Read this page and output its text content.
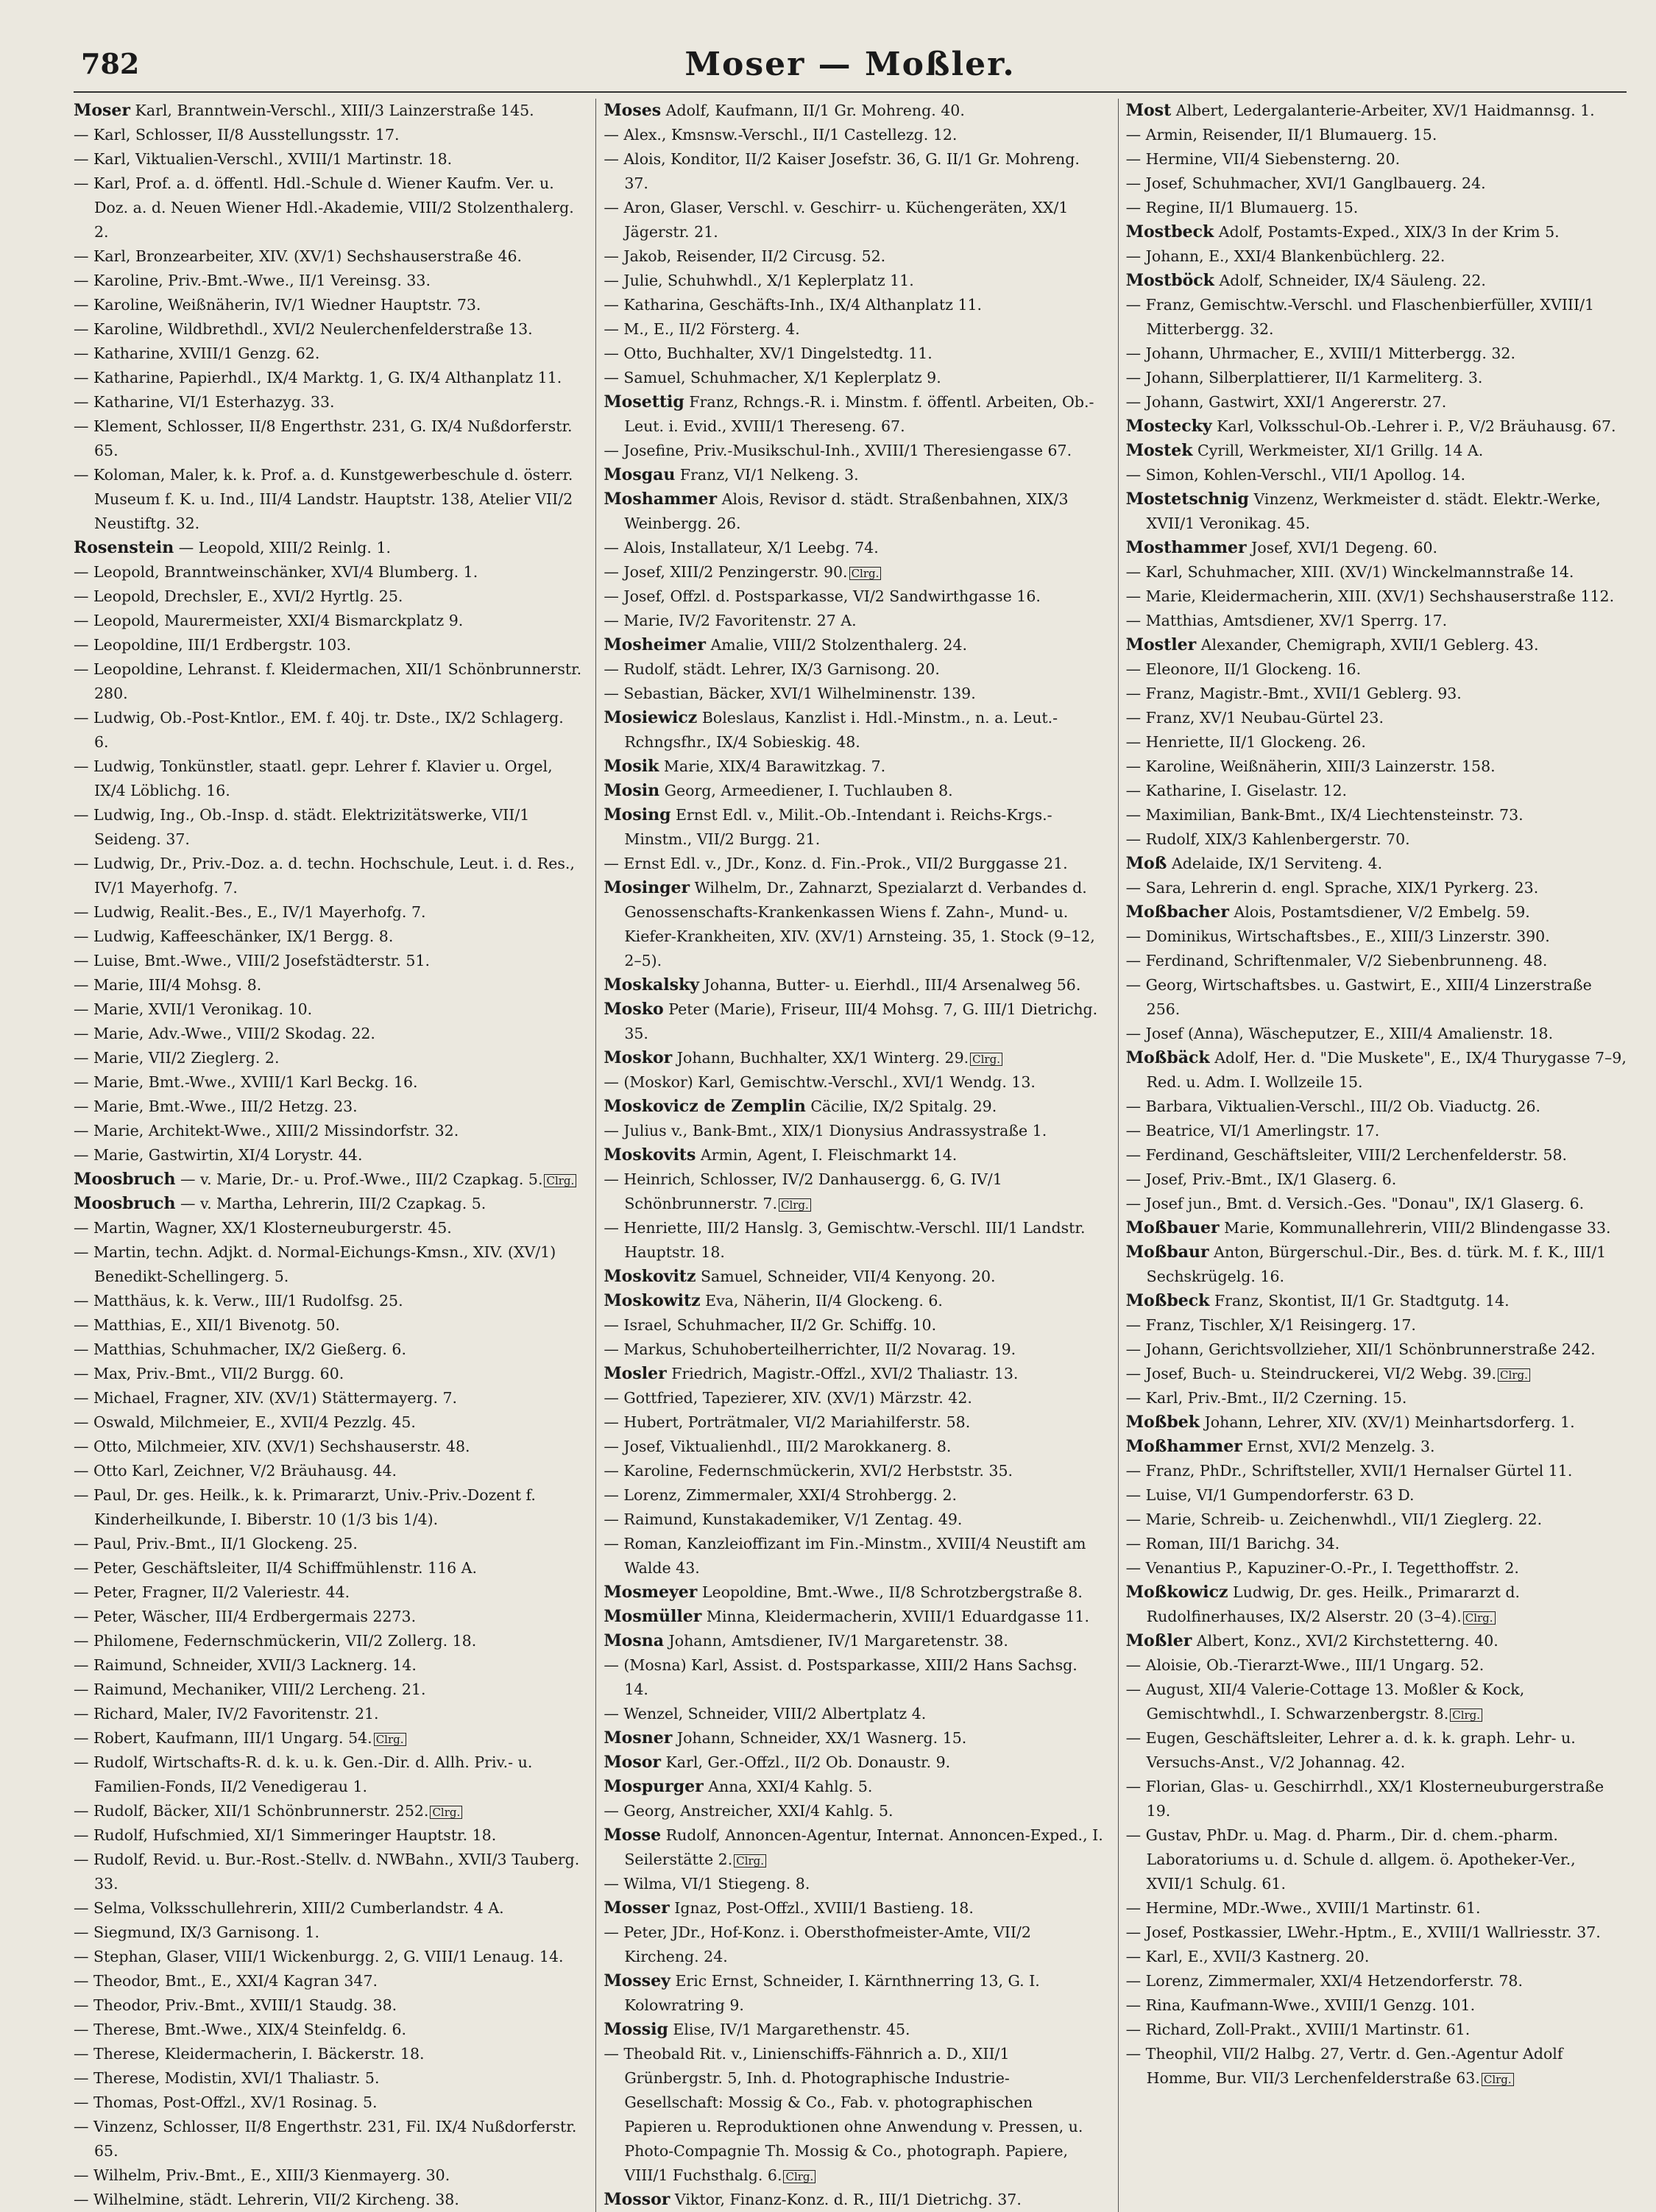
782	Moser — Moßler.
Moser Karl, Branntwein-Verschl., XIII/3 Lainzerstraße 145.
— Karl, Schlosser, II/8 Ausstellungsstr. 17.
— Karl, Viktualien-Verschl., XVIII/1 Martinstr. 18.
— Karl, Prof. a. d. öffentl. Hdl.-Schule d. Wiener Kaufm. Ver. u. Doz. a. d. Neuen Wiener Hdl.-Akademie, VIII/2 Stolzenthalerg. 2.
— Karl, Bronzearbeiter, XIV. (XV/1) Sechshauserstraße 46.
— Karoline, Priv.-Bmt.-Wwe., II/1 Vereinsg. 33.
— Karoline, Weißnäherin, IV/1 Wiedner Hauptstr. 73.
— Karoline, Wildbrethdl., XVI/2 Neulerchenfelderstraße 13.
— Katharine, XVIII/1 Genzg. 62.
— Katharine, Papierhdl., IX/4 Marktg. 1, G. IX/4 Althanplatz 11.
— Katharine, VI/1 Esterhazyg. 33.
— Klement, Schlosser, II/8 Engerthstr. 231, G. IX/4 Nußdorferstr. 65.
— Koloman, Maler, k. k. Prof. a. d. Kunstgewerbeschule d. österr. Museum f. K. u. Ind., III/4 Landstr. Hauptstr. 138, Atelier VII/2 Neustiftg. 32.
Rosenstein — Leopold, XIII/2 Reinlg. 1.
— Leopold, Branntweinschänker, XVI/4 Blumberg. 1.
— Leopold, Drechsler, E., XVI/2 Hyrtlg. 25.
— Leopold, Maurermeister, XXI/4 Bismarckplatz 9.
— Leopoldine, III/1 Erdbergstr. 103.
— Leopoldine, Lehranst. f. Kleidermachen, XII/1 Schönbrunnerstr. 280.
— Ludwig, Ob.-Post-Kntlor., EM. f. 40j. tr. Dste., IX/2 Schlagerg. 6.
— Ludwig, Tonkünstler, staatl. gepr. Lehrer f. Klavier u. Orgel, IX/4 Löblichg. 16.
— Ludwig, Ing., Ob.-Insp. d. städt. Elektrizitätswerke, VII/1 Seideng. 37.
— Ludwig, Dr., Priv.-Doz. a. d. techn. Hochschule, Leut. i. d. Res., IV/1 Mayerhofg. 7.
— Ludwig, Realit.-Bes., E., IV/1 Mayerhofg. 7.
— Ludwig, Kaffeeschänker, IX/1 Bergg. 8.
— Luise, Bmt.-Wwe., VIII/2 Josefstädterstr. 51.
— Marie, III/4 Mohsg. 8.
— Marie, XVII/1 Veronikag. 10.
— Marie, Adv.-Wwe., VIII/2 Skodag. 22.
— Marie, VII/2 Zieglerg. 2.
— Marie, Bmt.-Wwe., XVIII/1 Karl Beckg. 16.
— Marie, Bmt.-Wwe., III/2 Hetzg. 23.
— Marie, Architekt-Wwe., XIII/2 Missindorfstr. 32.
— Marie, Gastwirtin, XI/4 Lorystr. 44.
Moosbruch — v. Marie, Dr.- u. Prof.-Wwe., III/2 Czapkag. 5. Clrg.
Moosbruch — v. Martha, Lehrerin, III/2 Czapkag. 5.
— Martin, Wagner, XX/1 Klosterneuburgerstr. 45.
— Martin, techn. Adjkt. d. Normal-Eichungs-Kmsn., XIV. (XV/1) Benedikt-Schellingerg. 5.
— Matthäus, k. k. Verw., III/1 Rudolfsg. 25.
— Matthias, E., XII/1 Bivenotg. 50.
— Matthias, Schuhmacher, IX/2 Gießerg. 6.
— Max, Priv.-Bmt., VII/2 Burgg. 60.
— Michael, Fragner, XIV. (XV/1) Stättermayerg. 7.
— Oswald, Milchmeier, E., XVII/4 Pezzlg. 45.
— Otto, Milchmeier, XIV. (XV/1) Sechshauserstr. 48.
— Otto Karl, Zeichner, V/2 Bräuhausg. 44.
— Paul, Dr. ges. Heilk., k. k. Primararzt, Univ.-Priv.-Dozent f. Kinderheilkunde, I. Biberstr. 10 (1/3 bis 1/4).
— Paul, Priv.-Bmt., II/1 Glockeng. 25.
— Peter, Geschäftsleiter, II/4 Schiffmühlenstr. 116 A.
— Peter, Fragner, II/2 Valeriestr. 44.
— Peter, Wäscher, III/4 Erdbergermais 2273.
— Philomene, Federnschmückerin, VII/2 Zollerg. 18.
— Raimund, Schneider, XVII/3 Lacknerg. 14.
— Raimund, Mechaniker, VIII/2 Lercheng. 21.
— Richard, Maler, IV/2 Favoritenstr. 21.
— Robert, Kaufmann, III/1 Ungarg. 54. Clrg.
— Rudolf, Wirtschafts-R. d. k. u. k. Gen.-Dir. d. Allh. Priv.- u. Familien-Fonds, II/2 Venedigerau 1.
— Rudolf, Bäcker, XII/1 Schönbrunnerstr. 252. Clrg.
— Rudolf, Hufschmied, XI/1 Simmeringer Hauptstr. 18.
— Rudolf, Revid. u. Bur.-Rost.-Stellv. d. NWBahn., XVII/3 Tauberg. 33.
— Selma, Volksschullehrerin, XIII/2 Cumberlandstr. 4 A.
— Siegmund, IX/3 Garnisong. 1.
— Stephan, Glaser, VIII/1 Wickenburgg. 2, G. VIII/1 Lenaug. 14.
— Theodor, Bmt., E., XXI/4 Kagran 347.
— Theodor, Priv.-Bmt., XVIII/1 Staudg. 38.
— Therese, Bmt.-Wwe., XIX/4 Steinfeldg. 6.
— Therese, Kleidermacherin, I. Bäckerstr. 18.
— Therese, Modistin, XVI/1 Thaliastr. 5.
— Thomas, Post-Offzl., XV/1 Rosinag. 5.
— Vinzenz, Schlosser, II/8 Engerthstr. 231, Fil. IX/4 Nußdorferstr. 65.
— Wilhelm, Priv.-Bmt., E., XIII/3 Kienmayerg. 30.
— Wilhelmine, städt. Lehrerin, VII/2 Kircheng. 38.
Moses Adolf, Kaufmann, II/1 Gr. Mohreng. 40.
— Alex., Kmsnsw.-Verschl., II/1 Castellezg. 12.
— Alois, Konditor, II/2 Kaiser Josefstr. 36, G. II/1 Gr. Mohreng. 37.
— Aron, Glaser, Verschl. v. Geschirr- u. Küchengeräten, XX/1 Jägerstr. 21.
— Jakob, Reisender, II/2 Circusg. 52.
— Julie, Schuhwhdl., X/1 Keplerplatz 11.
— Katharina, Geschäfts-Inh., IX/4 Althanplatz 11.
— M., E., II/2 Försterg. 4.
— Otto, Buchhalter, XV/1 Dingelstedtg. 11.
— Samuel, Schuhmacher, X/1 Keplerplatz 9.
Mosettig Franz, Rchngs.-R. i. Minstm. f. öffentl. Arbeiten, Ob.-Leut. i. Evid., XVIII/1 Thereseng. 67.
— Josefine, Priv.-Musikschul-Inh., XVIII/1 Theresiengasse 67.
Mosgau Franz, VI/1 Nelkeng. 3.
Moshammer Alois, Revisor d. städt. Straßenbahnen, XIX/3 Weinbergg. 26.
— Alois, Installateur, X/1 Leebg. 74.
— Josef, XIII/2 Penzingerstr. 90. Clrg.
— Josef, Offzl. d. Postsparkasse, VI/2 Sandwirthgasse 16.
— Marie, IV/2 Favoritenstr. 27 A.
Mosheimer Amalie, VIII/2 Stolzenthalerg. 24.
— Rudolf, städt. Lehrer, IX/3 Garnisong. 20.
— Sebastian, Bäcker, XVI/1 Wilhelminenstr. 139.
Mosiewicz Boleslaus, Kanzlist i. Hdl.-Minstm., n. a. Leut.-Rchngsfhr., IX/4 Sobieskig. 48.
Mosik Marie, XIX/4 Barawitzkag. 7.
Mosin Georg, Armeediener, I. Tuchlauben 8.
Mosing Ernst Edl. v., Milit.-Ob.-Intendant i. Reichs-Krgs.-Minstm., VII/2 Burgg. 21.
— Ernst Edl. v., JDr., Konz. d. Fin.-Prok., VII/2 Burggasse 21.
Mosinger Wilhelm, Dr., Zahnarzt, Spezialarzt d. Verbandes d. Genossenschafts-Krankenkassen Wiens f. Zahn-, Mund- u. Kiefer-Krankheiten, XIV. (XV/1) Arnsteing. 35, 1. Stock (9–12, 2–5).
Moskalsky Johanna, Butter- u. Eierhdl., III/4 Arsenalweg 56.
Mosko Peter (Marie), Friseur, III/4 Mohsg. 7, G. III/1 Dietrichg. 35.
Moskor Johann, Buchhalter, XX/1 Winterg. 29. Clrg.
— (Moskor) Karl, Gemischtw.-Verschl., XVI/1 Wendg. 13.
Moskovicz de Zemplin Cäcilie, IX/2 Spitalg. 29.
— Julius v., Bank-Bmt., XIX/1 Dionysius Andrassystraße 1.
Moskovits Armin, Agent, I. Fleischmarkt 14.
— Heinrich, Schlosser, IV/2 Danhausergg. 6, G. IV/1 Schönbrunnerstr. 7. Clrg.
— Henriette, III/2 Hanslg. 3, Gemischtw.-Verschl. III/1 Landstr. Hauptstr. 18.
Moskovitz Samuel, Schneider, VII/4 Kenyong. 20.
Moskowitz Eva, Näherin, II/4 Glockeng. 6.
— Israel, Schuhmacher, II/2 Gr. Schiffg. 10.
— Markus, Schuhoberteilherrichter, II/2 Novarag. 19.
Mosler Friedrich, Magistr.-Offzl., XVI/2 Thaliastr. 13.
— Gottfried, Tapezierer, XIV. (XV/1) Märzstr. 42.
— Hubert, Porträtmaler, VI/2 Mariahilferstr. 58.
— Josef, Viktualienhdl., III/2 Marokkanerg. 8.
— Karoline, Federnschmückerin, XVI/2 Herbststr. 35.
— Lorenz, Zimmermaler, XXI/4 Strohbergg. 2.
— Raimund, Kunstakademiker, V/1 Zentag. 49.
— Roman, Kanzleioffizant im Fin.-Minstm., XVIII/4 Neustift am Walde 43.
Mosmeyer Leopoldine, Bmt.-Wwe., II/8 Schrotzbergstraße 8.
Mosmüller Minna, Kleidermacherin, XVIII/1 Eduardgasse 11.
Mosna Johann, Amtsdiener, IV/1 Margaretenstr. 38.
— (Mosna) Karl, Assist. d. Postsparkasse, XIII/2 Hans Sachsg. 14.
— Wenzel, Schneider, VIII/2 Albertplatz 4.
Mosner Johann, Schneider, XX/1 Wasnerg. 15.
Mosor Karl, Ger.-Offzl., II/2 Ob. Donaustr. 9.
Mospurger Anna, XXI/4 Kahlg. 5.
— Georg, Anstreicher, XXI/4 Kahlg. 5.
Mosse Rudolf, Annoncen-Agentur, Internat. Annoncen-Exped., I. Seilerstätte 2. Clrg.
— Wilma, VI/1 Stiegeng. 8.
Mosser Ignaz, Post-Offzl., XVIII/1 Bastieng. 18.
— Peter, JDr., Hof-Konz. i. Obersthofmeister-Amte, VII/2 Kircheng. 24.
Mossey Eric Ernst, Schneider, I. Kärnthnerring 13, G. I. Kolowratring 9.
Mossig Elise, IV/1 Margarethenstr. 45.
— Theobald Rit. v., Linienschiffs-Fähnrich a. D., XII/1 Grünbergstr. 5, Inh. d. Photographische Industrie-Gesellschaft: Mossig & Co., Fab. v. photographischen Papieren u. Reproduktionen ohne Anwendung v. Pressen, u. Photo-Compagnie Th. Mossig & Co., photograph. Papiere, VIII/1 Fuchsthalg. 6. Clrg.
Mossor Viktor, Finanz-Konz. d. R., III/1 Dietrichg. 37.
Most Albert, Ledergalanterie-Arbeiter, XV/1 Haidmannsg. 1.
— Armin, Reisender, II/1 Blumauerg. 15.
— Hermine, VII/4 Siebensterng. 20.
— Josef, Schuhmacher, XVI/1 Ganglbauerg. 24.
— Regine, II/1 Blumauerg. 15.
Mostbeck Adolf, Postamts-Exped., XIX/3 In der Krim 5.
— Johann, E., XXI/4 Blankenbüchlerg. 22.
Mostböck Adolf, Schneider, IX/4 Säuleng. 22.
— Franz, Gemischtw.-Verschl. und Flaschenbierfüller, XVIII/1 Mitterbergg. 32.
— Johann, Uhrmacher, E., XVIII/1 Mitterbergg. 32.
— Johann, Silberplattierer, II/1 Karmeliterg. 3.
— Johann, Gastwirt, XXI/1 Angererstr. 27.
Mostecky Karl, Volksschul-Ob.-Lehrer i. P., V/2 Bräuhausg. 67.
Mostek Cyrill, Werkmeister, XI/1 Grillg. 14 A.
— Simon, Kohlen-Verschl., VII/1 Apollog. 14.
Mostetschnig Vinzenz, Werkmeister d. städt. Elektr.-Werke, XVII/1 Veronikag. 45.
Mosthammer Josef, XVI/1 Degeng. 60.
— Karl, Schuhmacher, XIII. (XV/1) Winckelmannstraße 14.
— Marie, Kleidermacherin, XIII. (XV/1) Sechshauserstraße 112.
— Matthias, Amtsdiener, XV/1 Sperrg. 17.
Mostler Alexander, Chemigraph, XVII/1 Geblerg. 43.
— Eleonore, II/1 Glockeng. 16.
— Franz, Magistr.-Bmt., XVII/1 Geblerg. 93.
— Franz, XV/1 Neubau-Gürtel 23.
— Henriette, II/1 Glockeng. 26.
— Karoline, Weißnäherin, XIII/3 Lainzerstr. 158.
— Katharine, I. Giselastr. 12.
— Maximilian, Bank-Bmt., IX/4 Liechtensteinstr. 73.
— Rudolf, XIX/3 Kahlenbergerstr. 70.
Moß Adelaide, IX/1 Serviteng. 4.
— Sara, Lehrerin d. engl. Sprache, XIX/1 Pyrkerg. 23.
Moßbacher Alois, Postamtsdiener, V/2 Embelg. 59.
— Dominikus, Wirtschaftsbes., E., XIII/3 Linzerstr. 390.
— Ferdinand, Schriftenmaler, V/2 Siebenbrunneng. 48.
— Georg, Wirtschaftsbes. u. Gastwirt, E., XIII/4 Linzerstraße 256.
— Josef (Anna), Wäscheputzer, E., XIII/4 Amalienstr. 18.
Moßbäck Adolf, Her. d. "Die Muskete", E., IX/4 Thurygasse 7–9, Red. u. Adm. I. Wollzeile 15.
— Barbara, Viktualien-Verschl., III/2 Ob. Viaductg. 26.
— Beatrice, VI/1 Amerlingstr. 17.
— Ferdinand, Geschäftsleiter, VIII/2 Lerchenfelderstr. 58.
— Josef, Priv.-Bmt., IX/1 Glaserg. 6.
— Josef jun., Bmt. d. Versich.-Ges. "Donau", IX/1 Glaserg. 6.
Moßbauer Marie, Kommunallehrerin, VIII/2 Blindengasse 33.
Moßbaur Anton, Bürgerschul.-Dir., Bes. d. türk. M. f. K., III/1 Sechskrügelg. 16.
Moßbeck Franz, Skontist, II/1 Gr. Stadtgutg. 14.
— Franz, Tischler, X/1 Reisingerg. 17.
— Johann, Gerichtsvollzieher, XII/1 Schönbrunnerstraße 242.
— Josef, Buch- u. Steindruckerei, VI/2 Webg. 39. Clrg.
— Karl, Priv.-Bmt., II/2 Czerning. 15.
Moßbek Johann, Lehrer, XIV. (XV/1) Meinhartsdorferg. 1.
Moßhammer Ernst, XVI/2 Menzelg. 3.
— Franz, PhDr., Schriftsteller, XVII/1 Hernalser Gürtel 11.
— Luise, VI/1 Gumpendorferstr. 63 D.
— Marie, Schreib- u. Zeichenwhdl., VII/1 Zieglerg. 22.
— Roman, III/1 Barichg. 34.
— Venantius P., Kapuziner-O.-Pr., I. Tegetthoffstr. 2.
Moßkowicz Ludwig, Dr. ges. Heilk., Primararzt d. Rudolfinerhauses, IX/2 Alserstr. 20 (3–4). Clrg.
Moßler Albert, Konz., XVI/2 Kirchstetterng. 40.
— Aloisie, Ob.-Tierarzt-Wwe., III/1 Ungarg. 52.
— August, XII/4 Valerie-Cottage 13. Moßler & Kock, Gemischtwhdl., I. Schwarzenbergstr. 8. Clrg.
— Eugen, Geschäftsleiter, Lehrer a. d. k. k. graph. Lehr- u. Versuchs-Anst., V/2 Johannag. 42.
— Florian, Glas- u. Geschirrhdl., XX/1 Klosterneuburgerstraße 19.
— Gustav, PhDr. u. Mag. d. Pharm., Dir. d. chem.-pharm. Laboratoriums u. d. Schule d. allgem. ö. Apotheker-Ver., XVII/1 Schulg. 61.
— Hermine, MDr.-Wwe., XVIII/1 Martinstr. 61.
— Josef, Postkassier, LWehr.-Hptm., E., XVIII/1 Wallriesstr. 37.
— Karl, E., XVII/3 Kastnerg. 20.
— Lorenz, Zimmermaler, XXI/4 Hetzendorferstr. 78.
— Rina, Kaufmann-Wwe., XVIII/1 Genzg. 101.
— Richard, Zoll-Prakt., XVIII/1 Martinstr. 61.
— Theophil, VII/2 Halbg. 27, Vertr. d. Gen.-Agentur Adolf Homme, Bur. VII/3 Lerchenfelderstraße 63. Clrg.
